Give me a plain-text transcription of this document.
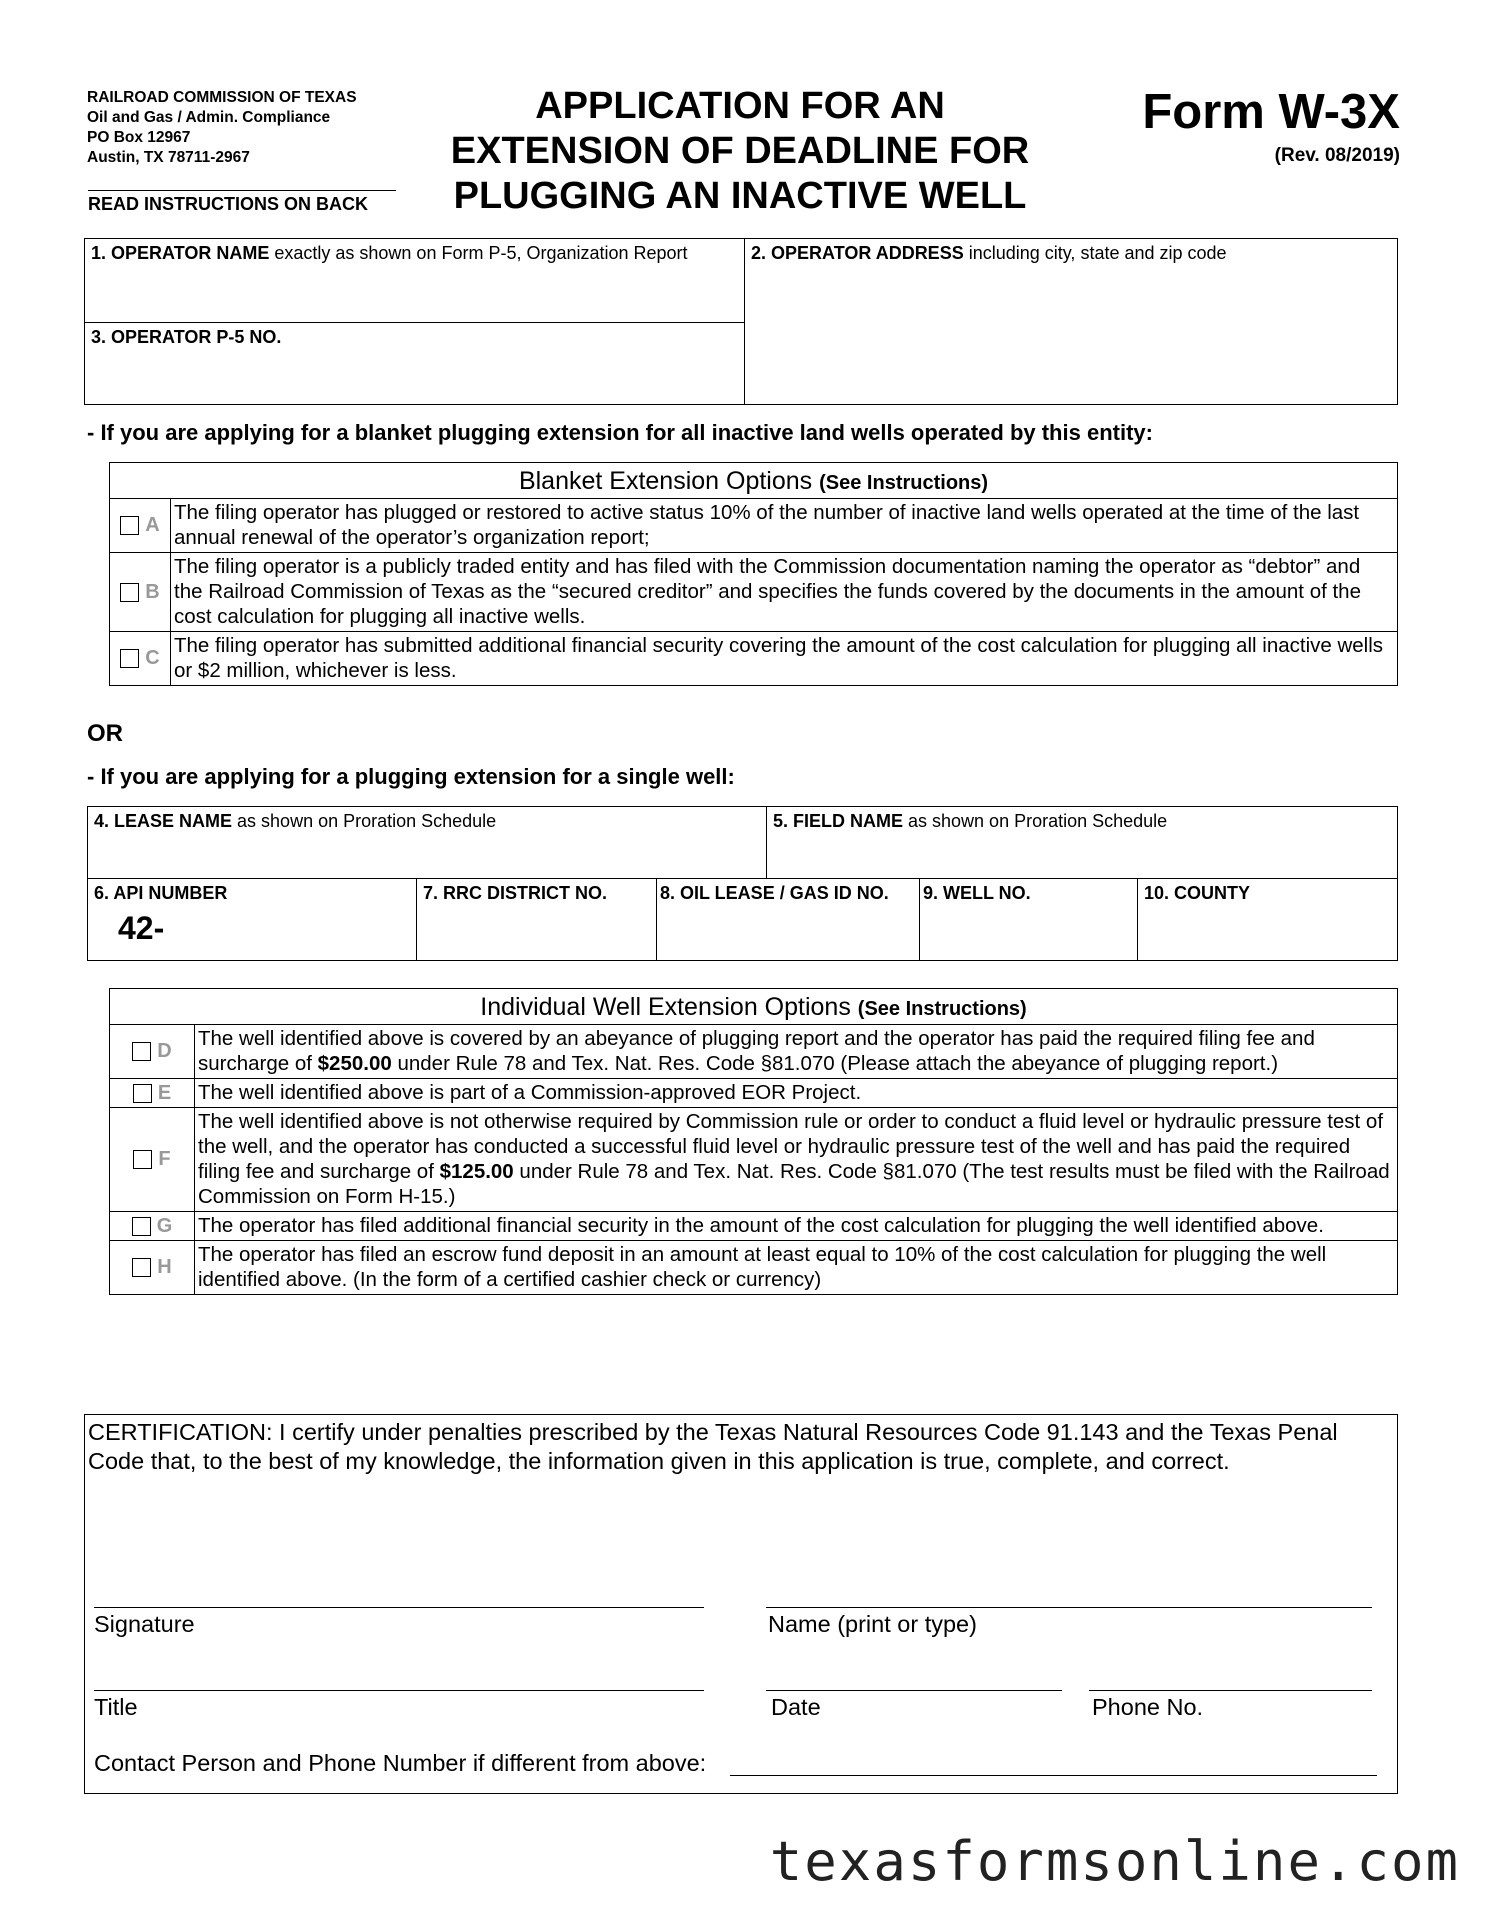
RAILROAD COMMISSION OF TEXAS
Oil and Gas / Admin. Compliance
PO Box 12967
Austin, TX 78711-2967
READ INSTRUCTIONS ON BACK
APPLICATION FOR AN
EXTENSION OF DEADLINE FOR
PLUGGING AN INACTIVE WELL
Form W-3X
(Rev. 08/2019)
1. OPERATOR NAME exactly as shown on Form P-5, Organization Report	2. OPERATOR ADDRESS including city, state and zip code
3. OPERATOR P-5 NO.
- If you are applying for a blanket plugging extension for all inactive land wells operated by this entity:
Blanket Extension Options (See Instructions)	
A	The filing operator has plugged or restored to active status 10% of the number of inactive land wells operated at the time of the last annual renewal of the operator’s organization report;
B	The filing operator is a publicly traded entity and has filed with the Commission documentation naming the operator as “debtor” and the Railroad Commission of Texas as the “secured creditor” and specifies the funds covered by the documents in the amount of the cost calculation for plugging all inactive wells.
C	The filing operator has submitted additional financial security covering the amount of the cost calculation for plugging all inactive wells or $2 million, whichever is less.
OR
- If you are applying for a plugging extension for a single well:
4. LEASE NAME as shown on Proration Schedule	5. FIELD NAME as shown on Proration Schedule
6. API NUMBER
42-
7. RRC DISTRICT NO.	8. OIL LEASE / GAS ID NO.	9. WELL NO.	10. COUNTY
Individual Well Extension Options (See Instructions)	
D	The well identified above is covered by an abeyance of plugging report and the operator has paid the required filing fee and surcharge of $250.00 under Rule 78 and Tex. Nat. Res. Code §81.070 (Please attach the abeyance of plugging report.)
E	The well identified above is part of a Commission-approved EOR Project.
F	The well identified above is not otherwise required by Commission rule or order to conduct a fluid level or hydraulic pressure test of the well, and the operator has conducted a successful fluid level or hydraulic pressure test of the well and has paid the required filing fee and surcharge of $125.00 under Rule 78 and Tex. Nat. Res. Code §81.070 (The test results must be filed with the Railroad Commission on Form H-15.)
G	The operator has filed additional financial security in the amount of the cost calculation for plugging the well identified above.
H	The operator has filed an escrow fund deposit in an amount at least equal to 10% of the cost calculation for plugging the well identified above. (In the form of a certified cashier check or currency)
CERTIFICATION: I certify under penalties prescribed by the Texas Natural Resources Code 91.143 and the Texas Penal Code that, to the best of my knowledge, the information given in this application is true, complete, and correct.
Signature	Name (print or type)
Title	Date	Phone No.
Contact Person and Phone Number if different from above:
texasformsonline.com
